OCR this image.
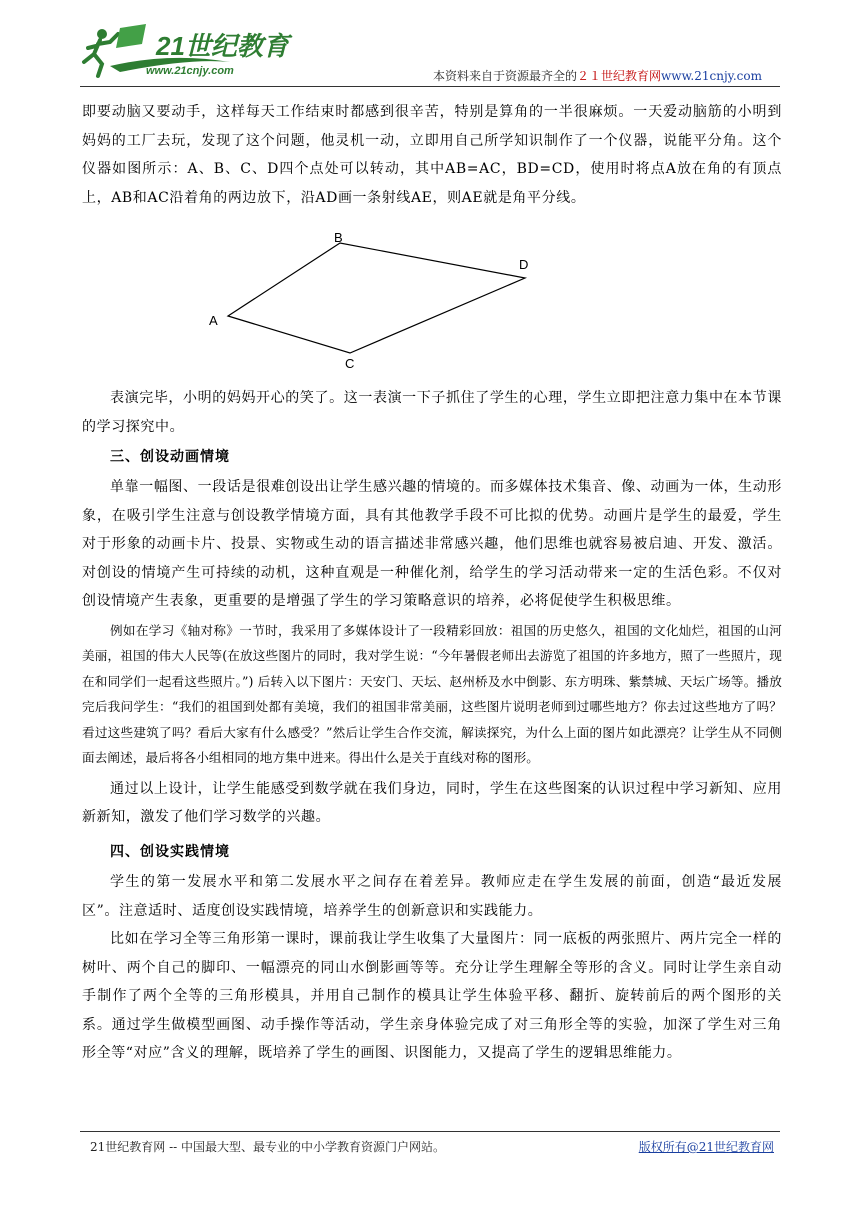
21世纪教育
www.21cnjy.com	本资料来自于资源最齐全的２１世纪教育网www.21cnjy.com

即要动脑又要动手，这样每天工作结束时都感到很辛苦，特别是算角的一半很麻烦。一天爱动脑筋的小明到妈妈的工厂去玩，发现了这个问题，他灵机一动，立即用自己所学知识制作了一个仪器，说能平分角。这个仪器如图所示：A、B、C、D四个点处可以转动，其中AB=AC，BD=CD，使用时将点A放在角的有顶点上，AB和AC沿着角的两边放下，沿AD画一条射线AE，则AE就是角平分线。

A
B
D
C

表演完毕，小明的妈妈开心的笑了。这一表演一下子抓住了学生的心理，学生立即把注意力集中在本节课的学习探究中。

三、创设动画情境

单靠一幅图、一段话是很难创设出让学生感兴趣的情境的。而多媒体技术集音、像、动画为一体，生动形象，在吸引学生注意与创设教学情境方面，具有其他教学手段不可比拟的优势。动画片是学生的最爱，学生对于形象的动画卡片、投景、实物或生动的语言描述非常感兴趣，他们思维也就容易被启迪、开发、激活。对创设的情境产生可持续的动机，这种直观是一种催化剂，给学生的学习活动带来一定的生活色彩。不仅对创设情境产生表象，更重要的是增强了学生的学习策略意识的培养，必将促使学生积极思维。

例如在学习《轴对称》一节时，我采用了多媒体设计了一段精彩回放：祖国的历史悠久，祖国的文化灿烂，祖国的山河美丽，祖国的伟大人民等(在放这些图片的同时，我对学生说：“今年暑假老师出去游览了祖国的许多地方，照了一些照片，现在和同学们一起看这些照片。”) 后转入以下图片：天安门、天坛、赵州桥及水中倒影、东方明珠、紫禁城、天坛广场等。播放完后我问学生：“我们的祖国到处都有美境，我们的祖国非常美丽，这些图片说明老师到过哪些地方？你去过这些地方了吗？看过这些建筑了吗？看后大家有什么感受？”然后让学生合作交流，解读探究，为什么上面的图片如此漂亮？让学生从不同侧面去阐述，最后将各小组相同的地方集中进来。得出什么是关于直线对称的图形。

通过以上设计，让学生能感受到数学就在我们身边，同时，学生在这些图案的认识过程中学习新知、应用新新知，激发了他们学习数学的兴趣。

四、创设实践情境

学生的第一发展水平和第二发展水平之间存在着差异。教师应走在学生发展的前面，创造“最近发展区”。注意适时、适度创设实践情境，培养学生的创新意识和实践能力。

比如在学习全等三角形第一课时，课前我让学生收集了大量图片：同一底板的两张照片、两片完全一样的树叶、两个自己的脚印、一幅漂亮的同山水倒影画等等。充分让学生理解全等形的含义。同时让学生亲自动手制作了两个全等的三角形模具，并用自己制作的模具让学生体验平移、翻折、旋转前后的两个图形的关系。通过学生做模型画图、动手操作等活动，学生亲身体验完成了对三角形全等的实验，加深了学生对三角形全等“对应”含义的理解，既培养了学生的画图、识图能力，又提高了学生的逻辑思维能力。

21世纪教育网 -- 中国最大型、最专业的中小学教育资源门户网站。	版权所有@21世纪教育网
